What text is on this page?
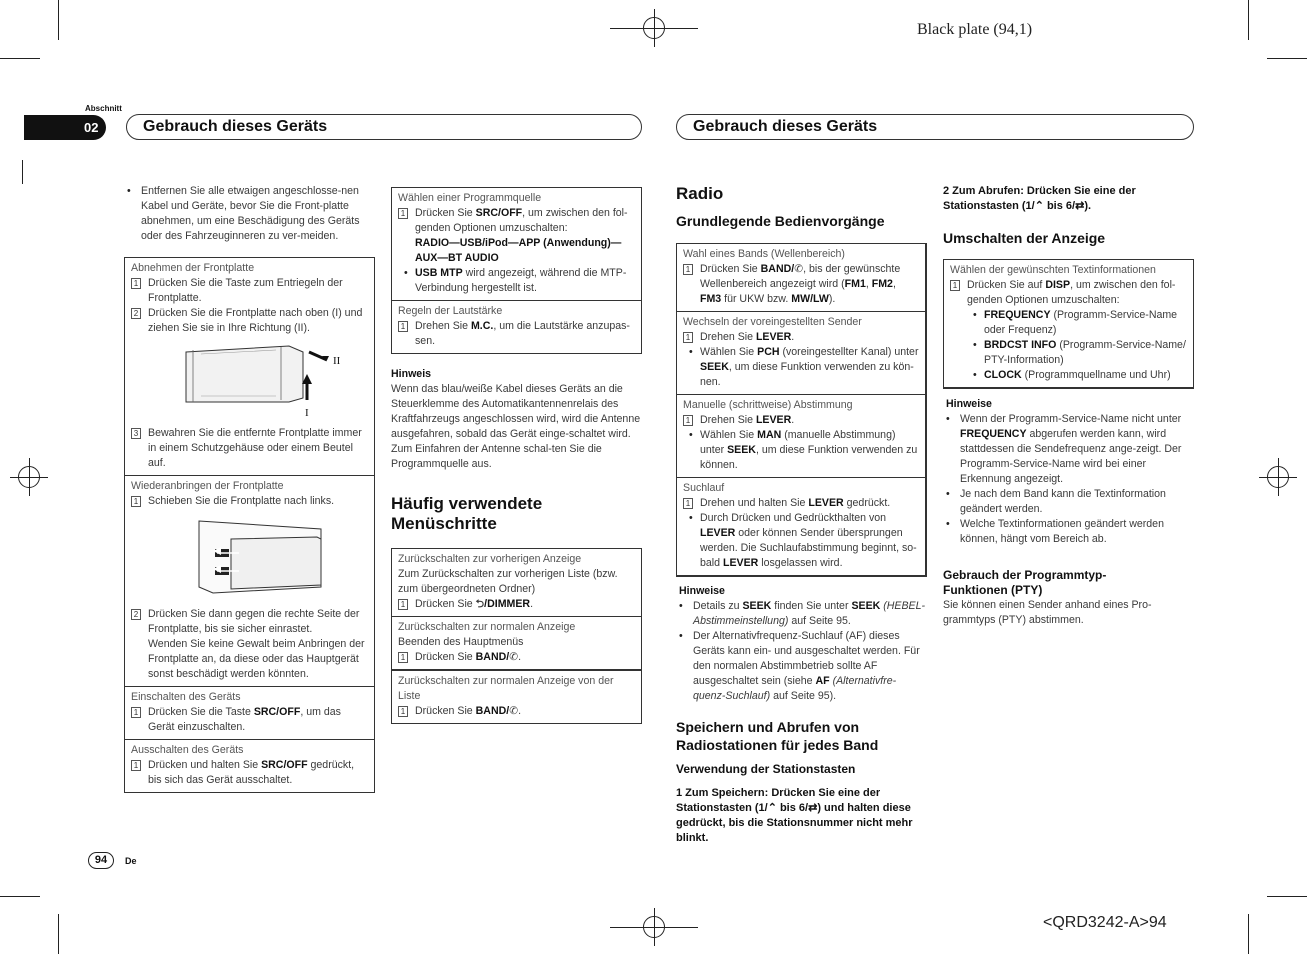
Black plate (94,1)
<QRD3242-A>94
Abschnitt
02	Gebrauch dieses Geräts	Gebrauch dieses Geräts
• Entfernen Sie alle etwaigen angeschlosse-nen Kabel und Geräte, bevor Sie die Front-platte abnehmen, um eine Beschädigung des Geräts oder des Fahrzeuginneren zu ver-meiden.
Abnehmen der Frontplatte
1 Drücken Sie die Taste zum Entriegeln der Frontplatte.
2 Drücken Sie die Frontplatte nach oben (I) und ziehen Sie sie in Ihre Richtung (II).
II
I
3 Bewahren Sie die entfernte Frontplatte immer in einem Schutzgehäuse oder einem Beutel auf.
Wiederanbringen der Frontplatte
1 Schieben Sie die Frontplatte nach links.
2 Drücken Sie dann gegen die rechte Seite der Frontplatte, bis sie sicher einrastet.
Wenden Sie keine Gewalt beim Anbringen der Frontplatte an, da diese oder das Hauptgerät sonst beschädigt werden könnten.
Einschalten des Geräts
1 Drücken Sie die Taste SRC/OFF, um das Gerät einzuschalten.
Ausschalten des Geräts
1 Drücken und halten Sie SRC/OFF gedrückt, bis sich das Gerät ausschaltet.
Wählen einer Programmquelle
1 Drücken Sie SRC/OFF, um zwischen den fol-genden Optionen umzuschalten:
RADIO—USB/iPod—APP (Anwendung)—AUX—BT AUDIO
• USB MTP wird angezeigt, während die MTP-Verbindung hergestellt ist.
Regeln der Lautstärke
1 Drehen Sie M.C., um die Lautstärke anzupas-sen.
Hinweis
Wenn das blau/weiße Kabel dieses Geräts an die Steuerklemme des Automatikantennenrelais des Kraftfahrzeugs angeschlossen wird, wird die Antenne ausgefahren, sobald das Gerät einge-schaltet wird. Zum Einfahren der Antenne schal-ten Sie die Programmquelle aus.
Häufig verwendete Menüschritte
Zurückschalten zur vorherigen Anzeige
Zum Zurückschalten zur vorherigen Liste (bzw. zum übergeordneten Ordner)
1 Drücken Sie ⮌/DIMMER.
Zurückschalten zur normalen Anzeige
Beenden des Hauptmenüs
1 Drücken Sie BAND/✆.
Zurückschalten zur normalen Anzeige von der Liste
1 Drücken Sie BAND/✆.
Radio
Grundlegende Bedienvorgänge
Wahl eines Bands (Wellenbereich)
1 Drücken Sie BAND/✆, bis der gewünschte Wellenbereich angezeigt wird (FM1, FM2, FM3 für UKW bzw. MW/LW).
Wechseln der voreingestellten Sender
1 Drehen Sie LEVER.
• Wählen Sie PCH (voreingestellter Kanal) unter SEEK, um diese Funktion verwenden zu kön-nen.
Manuelle (schrittweise) Abstimmung
1 Drehen Sie LEVER.
• Wählen Sie MAN (manuelle Abstimmung) unter SEEK, um diese Funktion verwenden zu können.
Suchlauf
1 Drehen und halten Sie LEVER gedrückt.
• Durch Drücken und Gedrückthalten von LEVER oder können Sender übersprungen werden. Die Suchlaufabstimmung beginnt, so-bald LEVER losgelassen wird.
Hinweise
• Details zu SEEK finden Sie unter SEEK (HEBEL-Abstimmeinstellung) auf Seite 95.
• Der Alternativfrequenz-Suchlauf (AF) dieses Geräts kann ein- und ausgeschaltet werden. Für den normalen Abstimmbetrieb sollte AF ausgeschaltet sein (siehe AF (Alternativfre-quenz-Suchlauf) auf Seite 95).
Speichern und Abrufen von Radiostationen für jedes Band
Verwendung der Stationstasten
1 Zum Speichern: Drücken Sie eine der Stationstasten (1/⌃ bis 6/⇄) und halten diese gedrückt, bis die Stationsnummer nicht mehr blinkt.
2 Zum Abrufen: Drücken Sie eine der Stationstasten (1/⌃ bis 6/⇄).
Umschalten der Anzeige
Wählen der gewünschten Textinformationen
1 Drücken Sie auf DISP, um zwischen den fol-genden Optionen umzuschalten:
• FREQUENCY (Programm-Service-Name oder Frequenz)
• BRDCST INFO (Programm-Service-Name/ PTY-Information)
• CLOCK (Programmquellname und Uhr)
Hinweise
• Wenn der Programm-Service-Name nicht unter FREQUENCY abgerufen werden kann, wird stattdessen die Sendefrequenz ange-zeigt. Der Programm-Service-Name wird bei einer Erkennung angezeigt.
• Je nach dem Band kann die Textinformation geändert werden.
• Welche Textinformationen geändert werden können, hängt vom Bereich ab.
Gebrauch der Programmtyp-Funktionen (PTY)
Sie können einen Sender anhand eines Pro-grammtyps (PTY) abstimmen.
94	De
